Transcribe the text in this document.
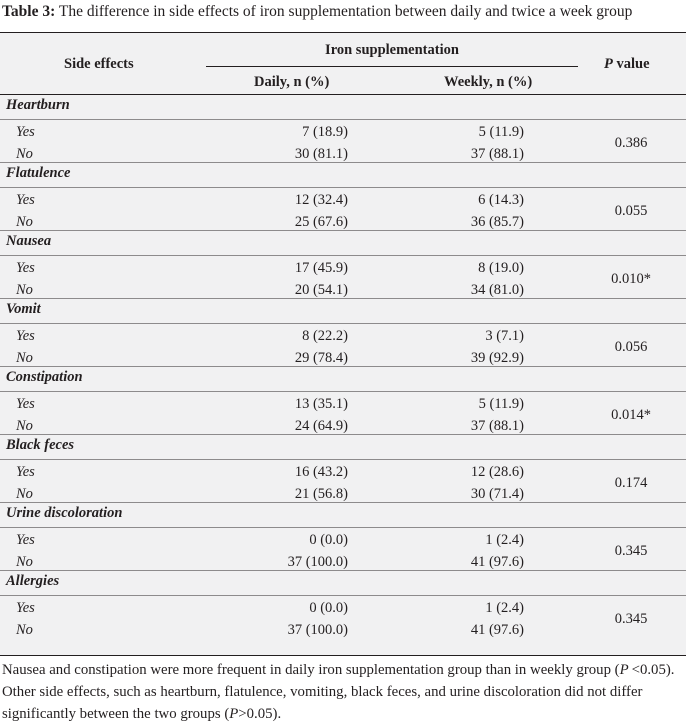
Table 3: The difference in side effects of iron supplementation between daily and twice a week group
Side effects
Iron supplementation
Daily, n (%)	Weekly, n (%)
P value
Heartburn
Yes	7 (18.9)	5 (11.9)
No	30 (81.1)	37 (88.1)
0.386
Flatulence
Yes	12 (32.4)	6 (14.3)
No	25 (67.6)	36 (85.7)
0.055
Nausea
Yes	17 (45.9)	8 (19.0)
No	20 (54.1)	34 (81.0)
0.010*
Vomit
Yes	8 (22.2)	3 (7.1)
No	29 (78.4)	39 (92.9)
0.056
Constipation
Yes	13 (35.1)	5 (11.9)
No	24 (64.9)	37 (88.1)
0.014*
Black feces
Yes	16 (43.2)	12 (28.6)
No	21 (56.8)	30 (71.4)
0.174
Urine discoloration
Yes	0 (0.0)	1 (2.4)
No	37 (100.0)	41 (97.6)
0.345
Allergies
Yes	0 (0.0)	1 (2.4)
No	37 (100.0)	41 (97.6)
0.345
Nausea and constipation were more frequent in daily iron supplementation group than in weekly group (P <0.05). Other side effects, such as heartburn, flatulence, vomiting, black feces, and urine discoloration did not differ significantly between the two groups (P>0.05).
